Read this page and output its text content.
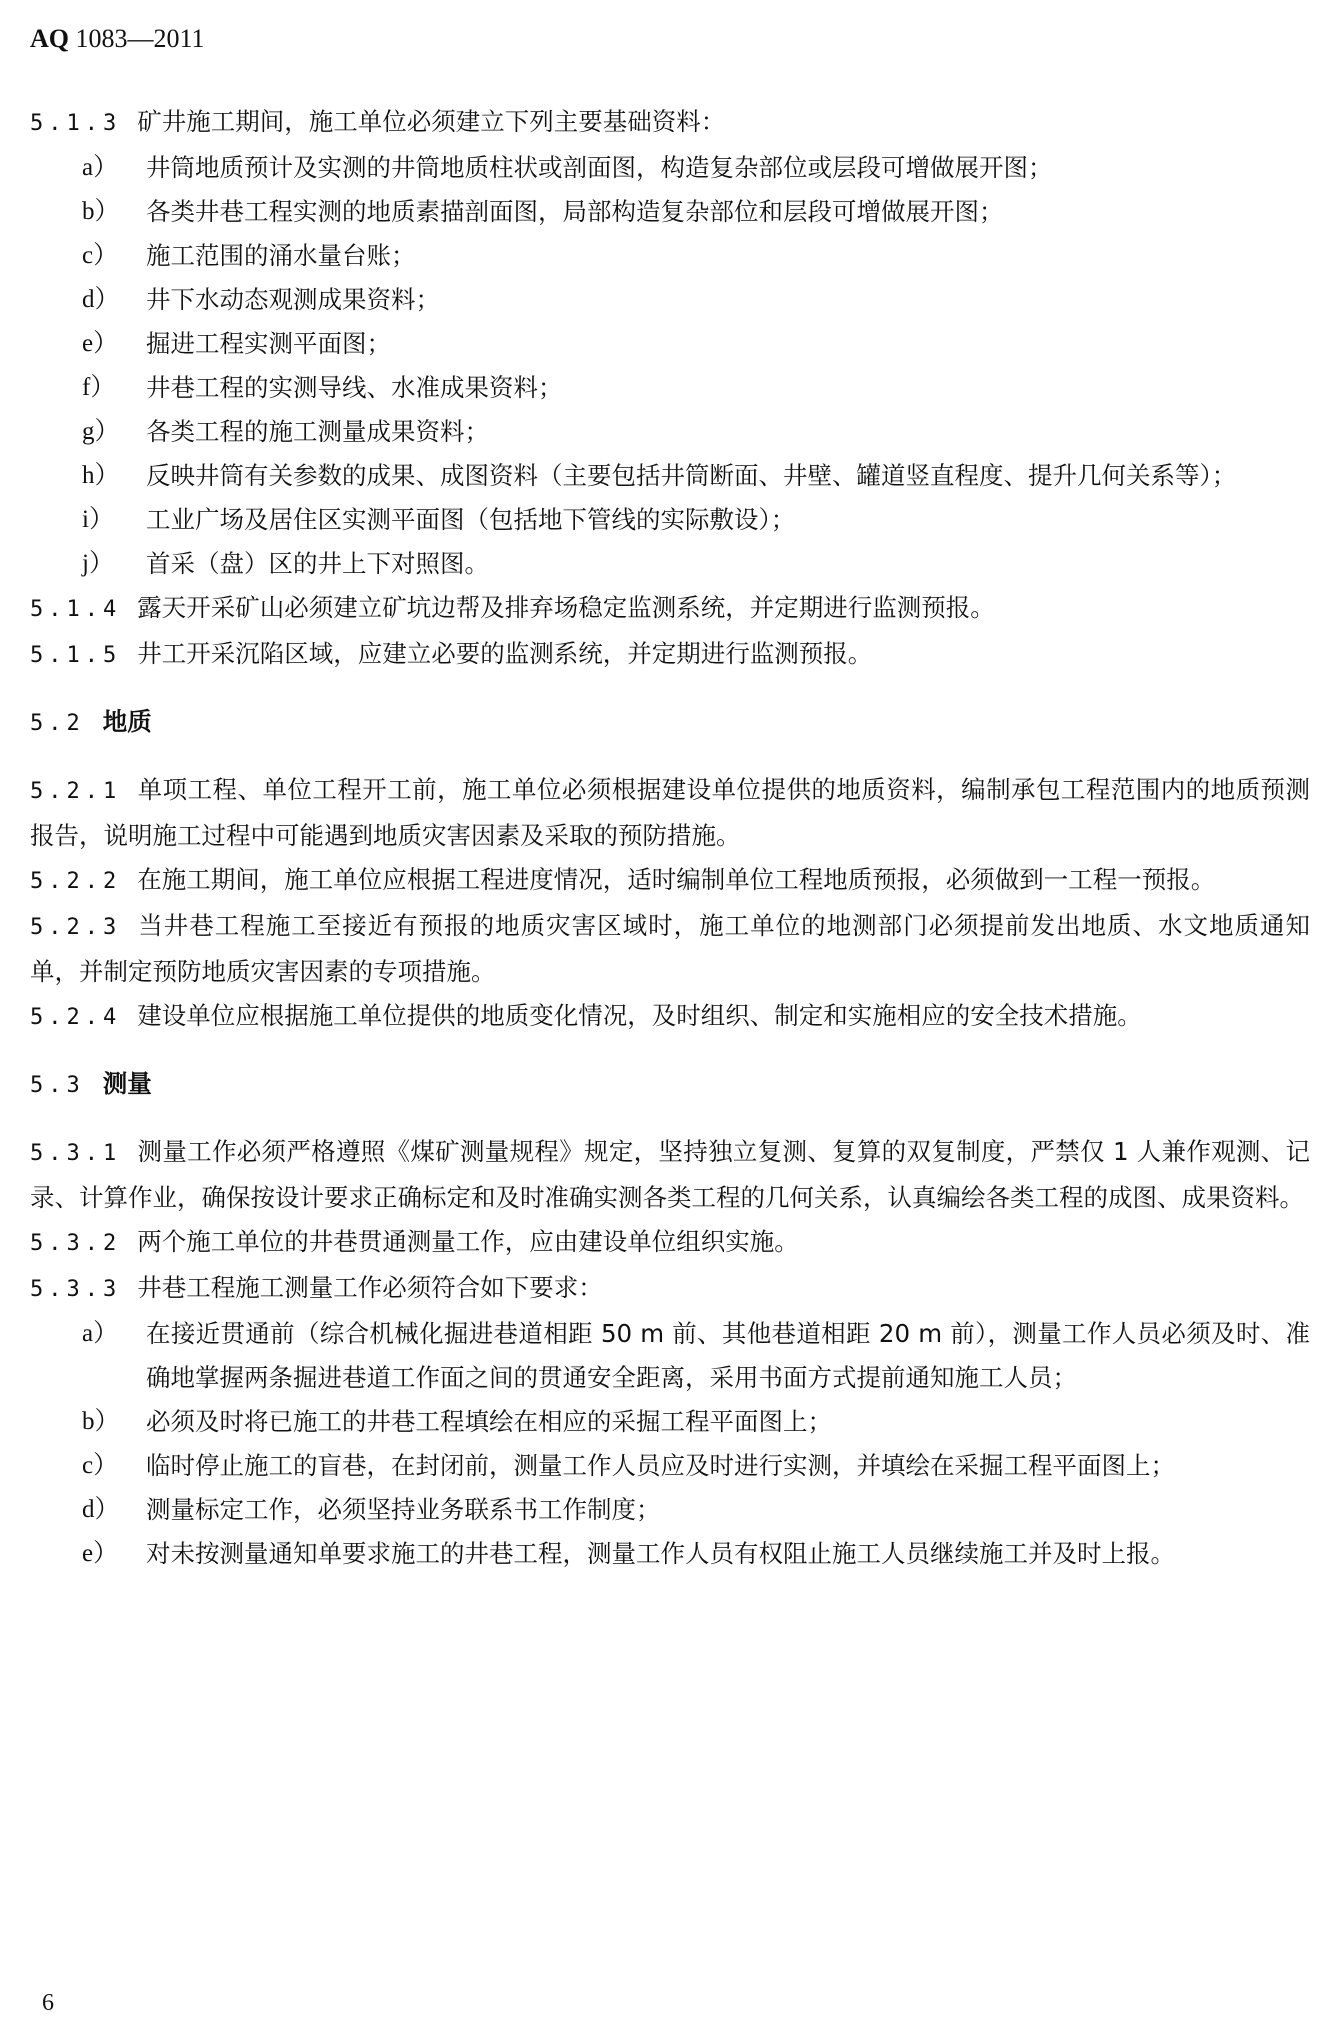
AQ 1083—2011

5.1.3 矿井施工期间，施工单位必须建立下列主要基础资料：

a）	井筒地质预计及实测的井筒地质柱状或剖面图，构造复杂部位或层段可增做展开图；
b）	各类井巷工程实测的地质素描剖面图，局部构造复杂部位和层段可增做展开图；
c）	施工范围的涌水量台账；
d）	井下水动态观测成果资料；
e）	掘进工程实测平面图；
f）	井巷工程的实测导线、水准成果资料；
g）	各类工程的施工测量成果资料；
h）	反映井筒有关参数的成果、成图资料（主要包括井筒断面、井壁、罐道竖直程度、提升几何关系等）；
i）	工业广场及居住区实测平面图（包括地下管线的实际敷设）；
j）	首采（盘）区的井上下对照图。

5.1.4 露天开采矿山必须建立矿坑边帮及排弃场稳定监测系统，并定期进行监测预报。

5.1.5 井工开采沉陷区域，应建立必要的监测系统，并定期进行监测预报。

5.2 地质

5.2.1 单项工程、单位工程开工前，施工单位必须根据建设单位提供的地质资料，编制承包工程范围内的地质预测报告，说明施工过程中可能遇到地质灾害因素及采取的预防措施。

5.2.2 在施工期间，施工单位应根据工程进度情况，适时编制单位工程地质预报，必须做到一工程一预报。

5.2.3 当井巷工程施工至接近有预报的地质灾害区域时，施工单位的地测部门必须提前发出地质、水文地质通知单，并制定预防地质灾害因素的专项措施。

5.2.4 建设单位应根据施工单位提供的地质变化情况，及时组织、制定和实施相应的安全技术措施。

5.3 测量

5.3.1 测量工作必须严格遵照《煤矿测量规程》规定，坚持独立复测、复算的双复制度，严禁仅 1 人兼作观测、记录、计算作业，确保按设计要求正确标定和及时准确实测各类工程的几何关系，认真编绘各类工程的成图、成果资料。

5.3.2 两个施工单位的井巷贯通测量工作，应由建设单位组织实施。

5.3.3 井巷工程施工测量工作必须符合如下要求：

a）	在接近贯通前（综合机械化掘进巷道相距 50 m 前、其他巷道相距 20 m 前），测量工作人员必须及时、准确地掌握两条掘进巷道工作面之间的贯通安全距离，采用书面方式提前通知施工人员；
b）	必须及时将已施工的井巷工程填绘在相应的采掘工程平面图上；
c）	临时停止施工的盲巷，在封闭前，测量工作人员应及时进行实测，并填绘在采掘工程平面图上；
d）	测量标定工作，必须坚持业务联系书工作制度；
e）	对未按测量通知单要求施工的井巷工程，测量工作人员有权阻止施工人员继续施工并及时上报。
6
